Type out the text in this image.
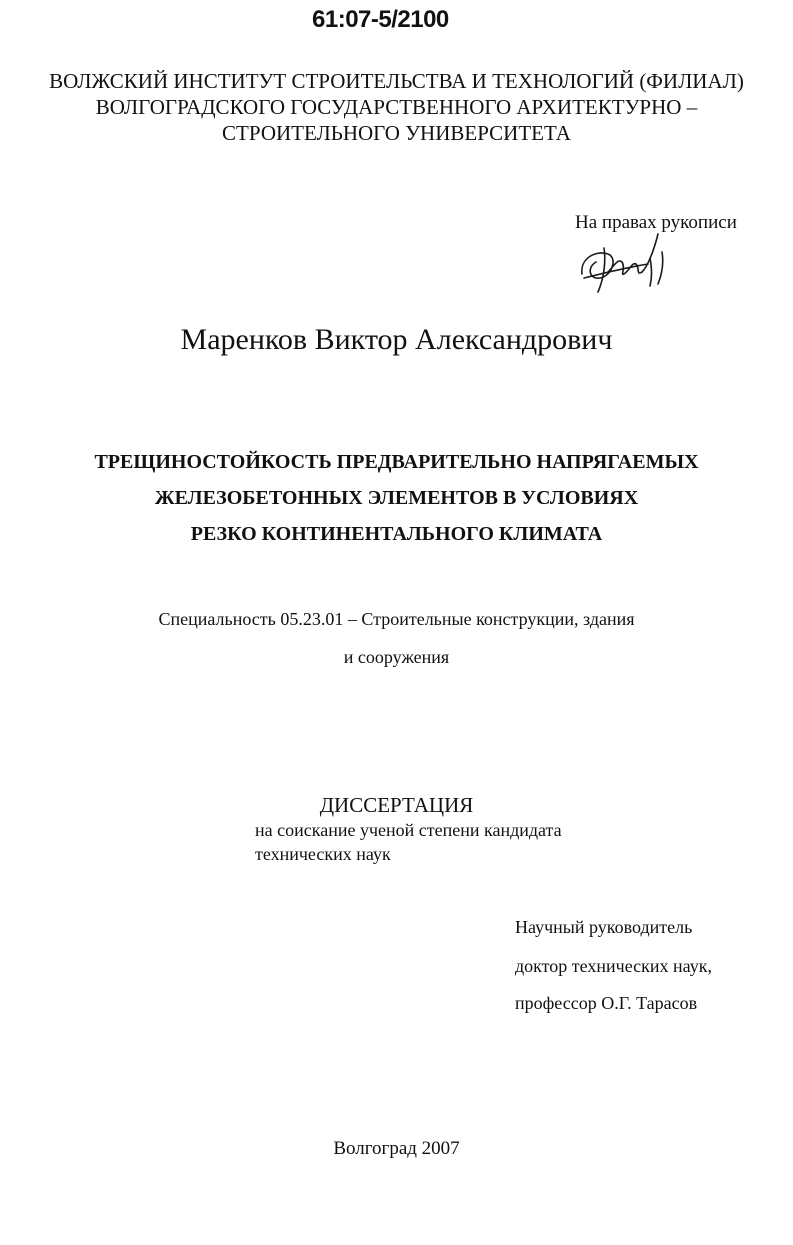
61:07-5/2100
ВОЛЖСКИЙ ИНСТИТУТ СТРОИТЕЛЬСТВА И ТЕХНОЛОГИЙ (ФИЛИАЛ)
ВОЛГОГРАДСКОГО ГОСУДАРСТВЕННОГО АРХИТЕКТУРНО –
СТРОИТЕЛЬНОГО УНИВЕРСИТЕТА
На правах рукописи
Маренков Виктор Александрович
ТРЕЩИНОСТОЙКОСТЬ ПРЕДВАРИТЕЛЬНО НАПРЯГАЕМЫХ
ЖЕЛЕЗОБЕТОННЫХ ЭЛЕМЕНТОВ В УСЛОВИЯХ
РЕЗКО КОНТИНЕНТАЛЬНОГО КЛИМАТА
Специальность 05.23.01 – Строительные конструкции, здания
и сооружения
ДИССЕРТАЦИЯ
на соискание ученой степени кандидата
технических наук
Научный руководитель
доктор технических наук,
профессор О.Г. Тарасов
Волгоград 2007
